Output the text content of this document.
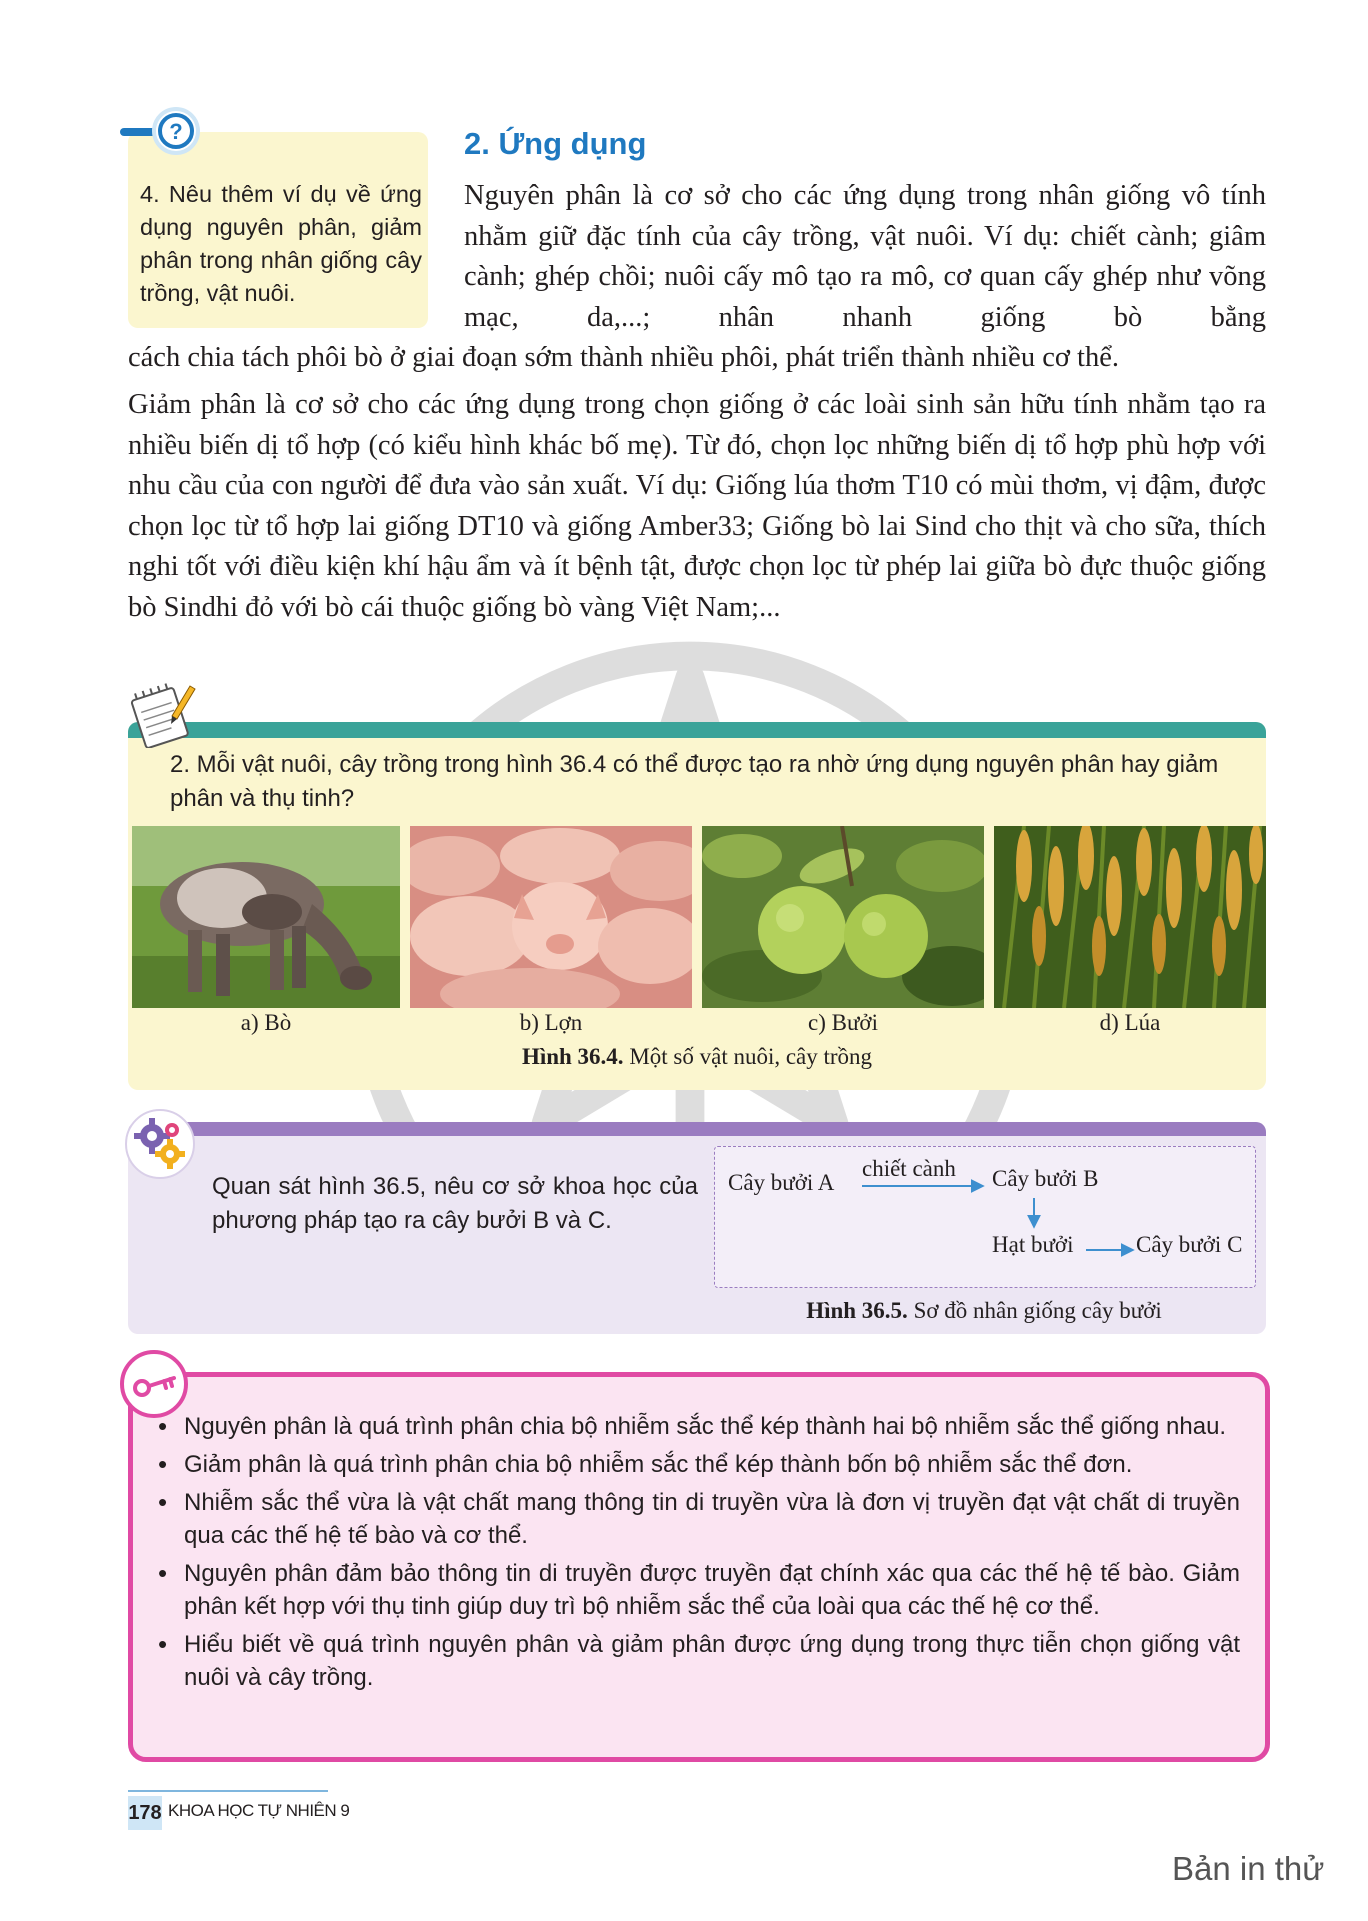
?
4. Nêu thêm ví dụ về ứng dụng nguyên phân, giảm phân trong nhân giống cây trồng, vật nuôi.
2. Ứng dụng
Nguyên phân là cơ sở cho các ứng dụng trong nhân giống vô tính nhằm giữ đặc tính của cây trồng, vật nuôi. Ví dụ: chiết cành; giâm cành; ghép chồi; nuôi cấy mô tạo ra mô, cơ quan cấy ghép như võng mạc, da,...; nhân nhanh giống bò bằng
cách chia tách phôi bò ở giai đoạn sớm thành nhiều phôi, phát triển thành nhiều cơ thể.
Giảm phân là cơ sở cho các ứng dụng trong chọn giống ở các loài sinh sản hữu tính nhằm tạo ra nhiều biến dị tổ hợp (có kiểu hình khác bố mẹ). Từ đó, chọn lọc những biến dị tổ hợp phù hợp với nhu cầu của con người để đưa vào sản xuất. Ví dụ: Giống lúa thơm T10 có mùi thơm, vị đậm, được chọn lọc từ tổ hợp lai giống DT10 và giống Amber33; Giống bò lai Sind cho thịt và cho sữa, thích nghi tốt với điều kiện khí hậu ẩm và ít bệnh tật, được chọn lọc từ phép lai giữa bò đực thuộc giống bò Sindhi đỏ với bò cái thuộc giống bò vàng Việt Nam;...
2. Mỗi vật nuôi, cây trồng trong hình 36.4 có thể được tạo ra nhờ ứng dụng nguyên phân hay giảm phân và thụ tinh?
a) Bò	b) Lợn	c) Bưởi	d) Lúa
Hình 36.4. Một số vật nuôi, cây trồng
Quan sát hình 36.5, nêu cơ sở khoa học của phương pháp tạo ra cây bưởi B và C.
Cây bưởi A
chiết cành Cây bưởi B
Hạt bưởi	Cây bưởi C
Hình 36.5. Sơ đồ nhân giống cây bưởi
• Nguyên phân là quá trình phân chia bộ nhiễm sắc thể kép thành hai bộ nhiễm sắc thể giống nhau.
• Giảm phân là quá trình phân chia bộ nhiễm sắc thể kép thành bốn bộ nhiễm sắc thể đơn.
• Nhiễm sắc thể vừa là vật chất mang thông tin di truyền vừa là đơn vị truyền đạt vật chất di truyền qua các thế hệ tế bào và cơ thể.
• Nguyên phân đảm bảo thông tin di truyền được truyền đạt chính xác qua các thế hệ tế bào. Giảm phân kết hợp với thụ tinh giúp duy trì bộ nhiễm sắc thể của loài qua các thế hệ cơ thể.
• Hiểu biết về quá trình nguyên phân và giảm phân được ứng dụng trong thực tiễn chọn giống vật nuôi và cây trồng.
178 KHOA HỌC TỰ NHIÊN 9
Bản in thử
